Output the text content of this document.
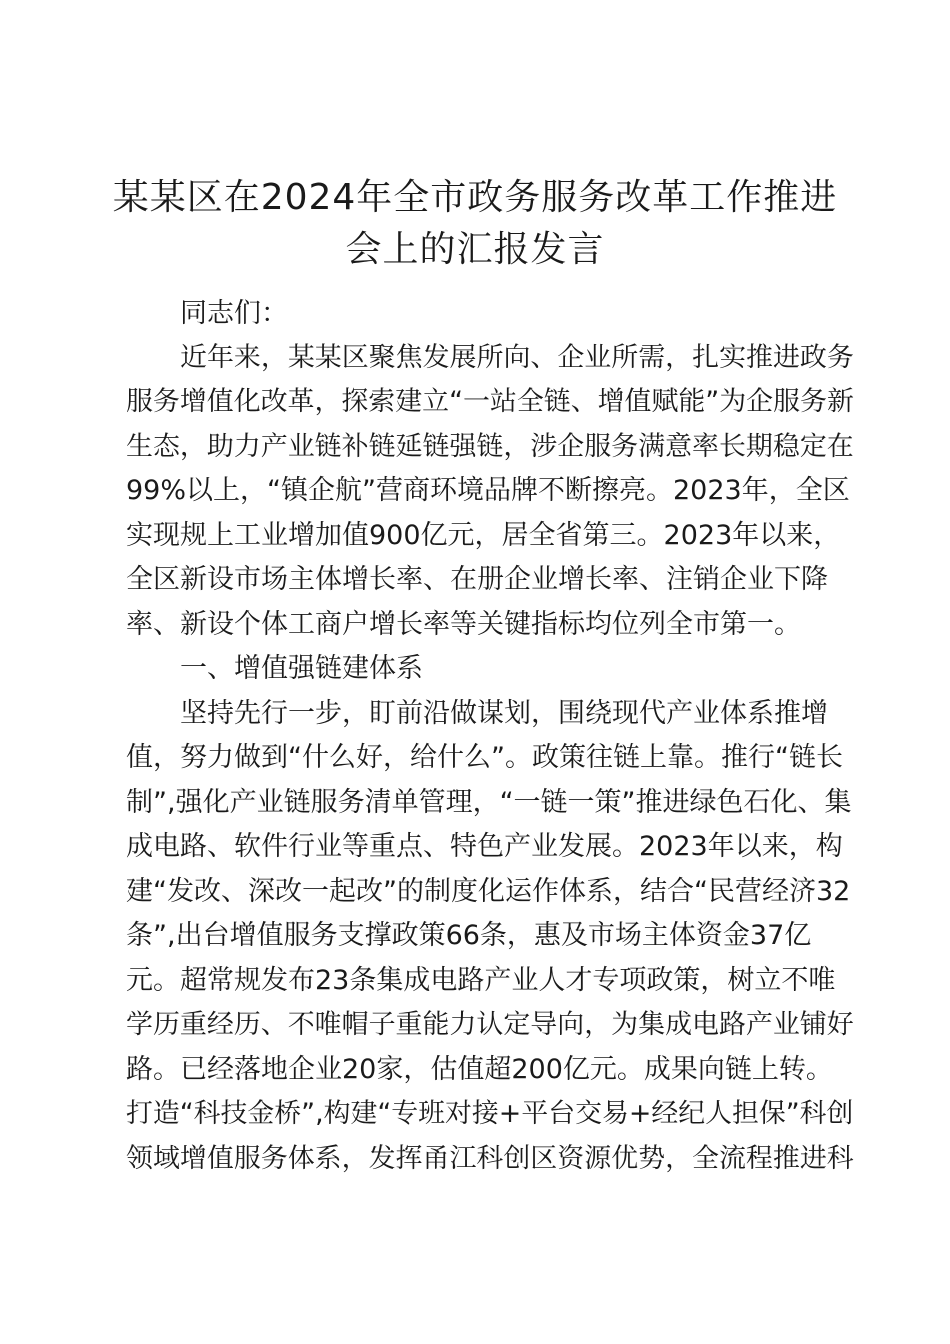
某某区在2024年全市政务服务改革工作推进
会上的汇报发言
同志们：
近年来，某某区聚焦发展所向、企业所需，扎实推进政务
服务增值化改革，探索建立“一站全链、增值赋能”为企服务新
生态，助力产业链补链延链强链，涉企服务满意率长期稳定在
99%以上，“镇企航”营商环境品牌不断擦亮。2023年，全区
实现规上工业增加值900亿元，居全省第三。2023年以来，
全区新设市场主体增长率、在册企业增长率、注销企业下降
率、新设个体工商户增长率等关键指标均位列全市第一。
一、增值强链建体系
坚持先行一步，盯前沿做谋划，围绕现代产业体系推增
值，努力做到“什么好，给什么”。政策往链上靠。推行“链长
制”,强化产业链服务清单管理，“一链一策”推进绿色石化、集
成电路、软件行业等重点、特色产业发展。2023年以来，构
建“发改、深改一起改”的制度化运作体系，结合“民营经济32
条”,出台增值服务支撑政策66条，惠及市场主体资金37亿
元。超常规发布23条集成电路产业人才专项政策，树立不唯
学历重经历、不唯帽子重能力认定导向，为集成电路产业铺好
路。已经落地企业20家，估值超200亿元。成果向链上转。
打造“科技金桥”,构建“专班对接+平台交易+经纪人担保”科创
领域增值服务体系，发挥甬江科创区资源优势，全流程推进科
